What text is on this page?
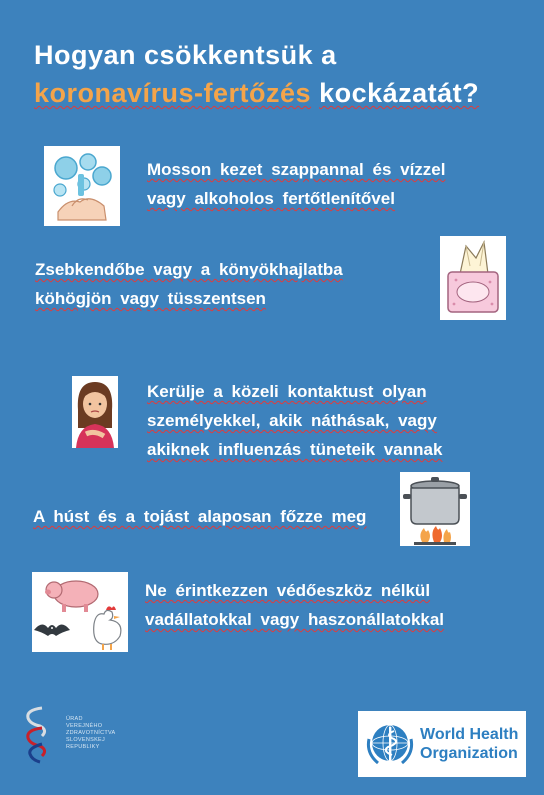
Hogyan csökkentsük a
koronavírus-fertőzés kockázatát?
Mosson kezet szappannal és vízzel
vagy alkoholos fertőtlenítővel
Zsebkendőbe vagy a könyökhajlatba
köhögjön vagy tüsszentsen
Kerülje a közeli kontaktust olyan
személyekkel, akik náthásak, vagy
akiknek influenzás tüneteik vannak
A húst és a tojást alaposan főzze meg
Ne érintkezzen védőeszköz nélkül
vadállatokkal vagy haszonállatokkal
ÚRAD
VEREJNÉHO
ZDRAVOTNÍCTVA
SLOVENSKEJ
REPUBLIKY
World Health
Organization
